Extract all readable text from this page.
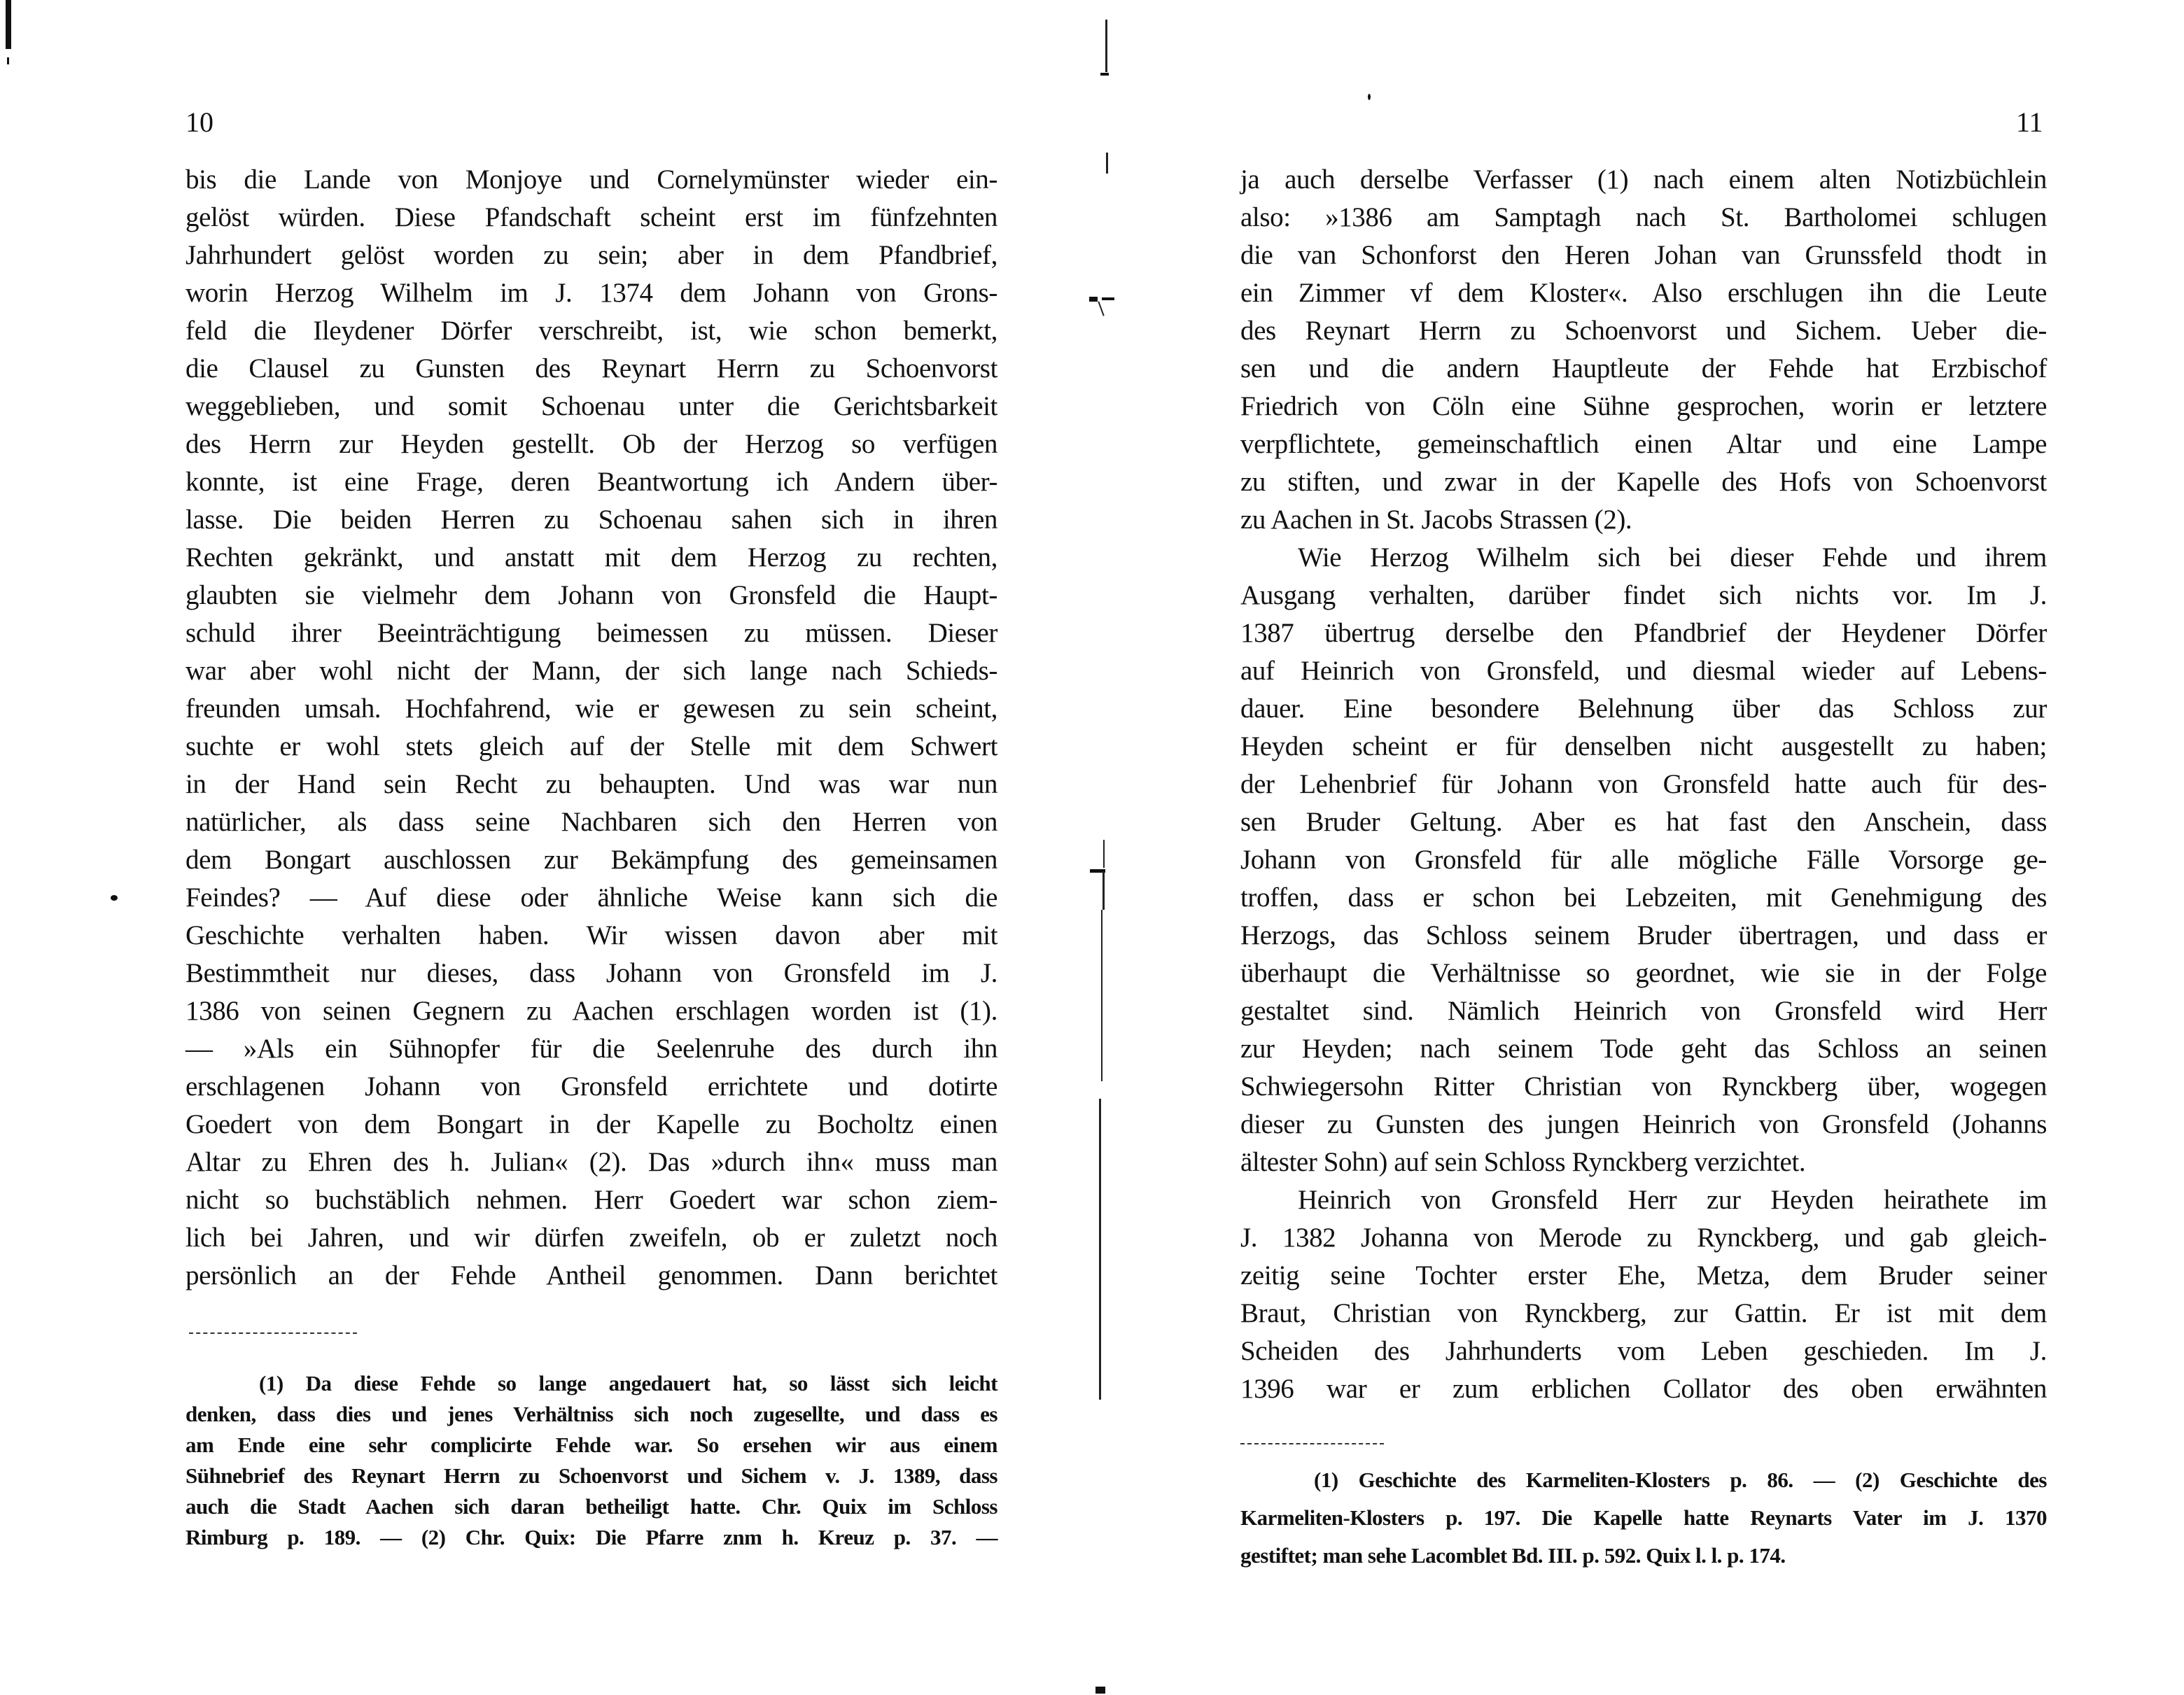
10
bis die Lande von Monjoye und Cornelymünster wieder ein-
gelöst würden. Diese Pfandschaft scheint erst im fünfzehnten
Jahrhundert gelöst worden zu sein; aber in dem Pfandbrief,
worin Herzog Wilhelm im J. 1374 dem Johann von Grons-
feld die Ileydener Dörfer verschreibt, ist, wie schon bemerkt,
die Clausel zu Gunsten des Reynart Herrn zu Schoenvorst
weggeblieben, und somit Schoenau unter die Gerichtsbarkeit
des Herrn zur Heyden gestellt. Ob der Herzog so verfügen
konnte, ist eine Frage, deren Beantwortung ich Andern über-
lasse. Die beiden Herren zu Schoenau sahen sich in ihren
Rechten gekränkt, und anstatt mit dem Herzog zu rechten,
glaubten sie vielmehr dem Johann von Gronsfeld die Haupt-
schuld ihrer Beeinträchtigung beimessen zu müssen. Dieser
war aber wohl nicht der Mann, der sich lange nach Schieds-
freunden umsah. Hochfahrend, wie er gewesen zu sein scheint,
suchte er wohl stets gleich auf der Stelle mit dem Schwert
in der Hand sein Recht zu behaupten. Und was war nun
natürlicher, als dass seine Nachbaren sich den Herren von
dem Bongart auschlossen zur Bekämpfung des gemeinsamen
Feindes? — Auf diese oder ähnliche Weise kann sich die
Geschichte verhalten haben. Wir wissen davon aber mit
Bestimmtheit nur dieses, dass Johann von Gronsfeld im J.
1386 von seinen Gegnern zu Aachen erschlagen worden ist (1).
— »Als ein Sühnopfer für die Seelenruhe des durch ihn
erschlagenen Johann von Gronsfeld errichtete und dotirte
Goedert von dem Bongart in der Kapelle zu Bocholtz einen
Altar zu Ehren des h. Julian« (2). Das »durch ihn« muss man
nicht so buchstäblich nehmen. Herr Goedert war schon ziem-
lich bei Jahren, und wir dürfen zweifeln, ob er zuletzt noch
persönlich an der Fehde Antheil genommen. Dann berichtet
(1) Da diese Fehde so lange angedauert hat, so lässt sich leicht
denken, dass dies und jenes Verhältniss sich noch zugesellte, und dass es
am Ende eine sehr complicirte Fehde war. So ersehen wir aus einem
Sühnebrief des Reynart Herrn zu Schoenvorst und Sichem v. J. 1389, dass
auch die Stadt Aachen sich daran betheiligt hatte. Chr. Quix im Schloss
Rimburg p. 189. — (2) Chr. Quix: Die Pfarre znm h. Kreuz p. 37. —
11
ja auch derselbe Verfasser (1) nach einem alten Notizbüchlein
also: »1386 am Samptagh nach St. Bartholomei schlugen
die van Schonforst den Heren Johan van Grunssfeld thodt in
ein Zimmer vf dem Kloster«. Also erschlugen ihn die Leute
des Reynart Herrn zu Schoenvorst und Sichem. Ueber die-
sen und die andern Hauptleute der Fehde hat Erzbischof
Friedrich von Cöln eine Sühne gesprochen, worin er letztere
verpflichtete, gemeinschaftlich einen Altar und eine Lampe
zu stiften, und zwar in der Kapelle des Hofs von Schoenvorst
zu Aachen in St. Jacobs Strassen (2).
Wie Herzog Wilhelm sich bei dieser Fehde und ihrem
Ausgang verhalten, darüber findet sich nichts vor. Im J.
1387 übertrug derselbe den Pfandbrief der Heydener Dörfer
auf Heinrich von Gronsfeld, und diesmal wieder auf Lebens-
dauer. Eine besondere Belehnung über das Schloss zur
Heyden scheint er für denselben nicht ausgestellt zu haben;
der Lehenbrief für Johann von Gronsfeld hatte auch für des-
sen Bruder Geltung. Aber es hat fast den Anschein, dass
Johann von Gronsfeld für alle mögliche Fälle Vorsorge ge-
troffen, dass er schon bei Lebzeiten, mit Genehmigung des
Herzogs, das Schloss seinem Bruder übertragen, und dass er
überhaupt die Verhältnisse so geordnet, wie sie in der Folge
gestaltet sind. Nämlich Heinrich von Gronsfeld wird Herr
zur Heyden; nach seinem Tode geht das Schloss an seinen
Schwiegersohn Ritter Christian von Rynckberg über, wogegen
dieser zu Gunsten des jungen Heinrich von Gronsfeld (Johanns
ältester Sohn) auf sein Schloss Rynckberg verzichtet.
Heinrich von Gronsfeld Herr zur Heyden heirathete im
J. 1382 Johanna von Merode zu Rynckberg, und gab gleich-
zeitig seine Tochter erster Ehe, Metza, dem Bruder seiner
Braut, Christian von Rynckberg, zur Gattin. Er ist mit dem
Scheiden des Jahrhunderts vom Leben geschieden. Im J.
1396 war er zum erblichen Collator des oben erwähnten
(1) Geschichte des Karmeliten-Klosters p. 86. — (2) Geschichte des
Karmeliten-Klosters p. 197. Die Kapelle hatte Reynarts Vater im J. 1370
gestiftet; man sehe Lacomblet Bd. III. p. 592. Quix l. l. p. 174.
